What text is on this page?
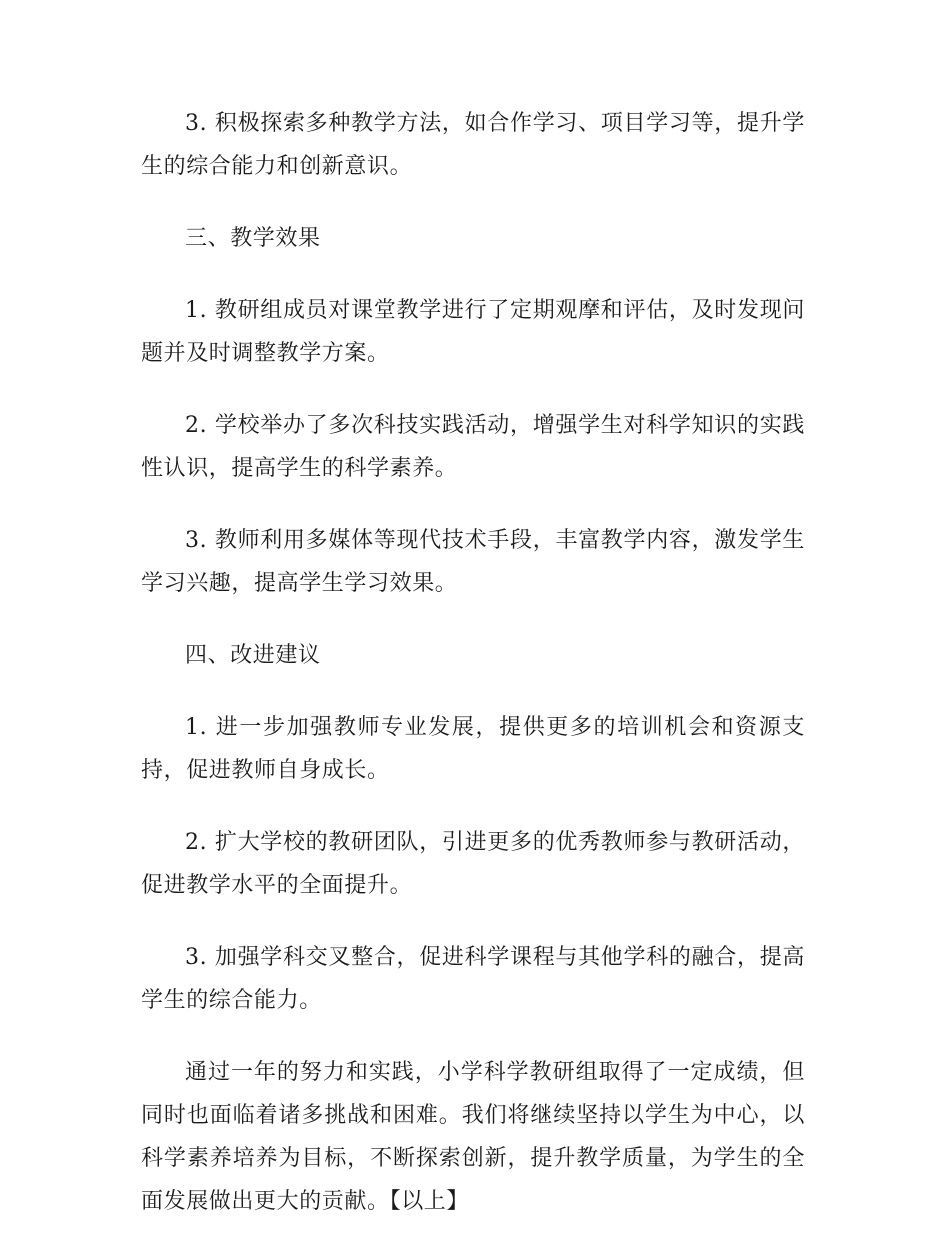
3. 积极探索多种教学方法，如合作学习、项目学习等，提升学生的综合能力和创新意识。

三、教学效果

1. 教研组成员对课堂教学进行了定期观摩和评估，及时发现问题并及时调整教学方案。

2. 学校举办了多次科技实践活动，增强学生对科学知识的实践性认识，提高学生的科学素养。

3. 教师利用多媒体等现代技术手段，丰富教学内容，激发学生学习兴趣，提高学生学习效果。

四、改进建议

1. 进一步加强教师专业发展，提供更多的培训机会和资源支持，促进教师自身成长。

2. 扩大学校的教研团队，引进更多的优秀教师参与教研活动，促进教学水平的全面提升。

3. 加强学科交叉整合，促进科学课程与其他学科的融合，提高学生的综合能力。

通过一年的努力和实践，小学科学教研组取得了一定成绩，但同时也面临着诸多挑战和困难。我们将继续坚持以学生为中心，以科学素养培养为目标，不断探索创新，提升教学质量，为学生的全面发展做出更大的贡献。【以上】
